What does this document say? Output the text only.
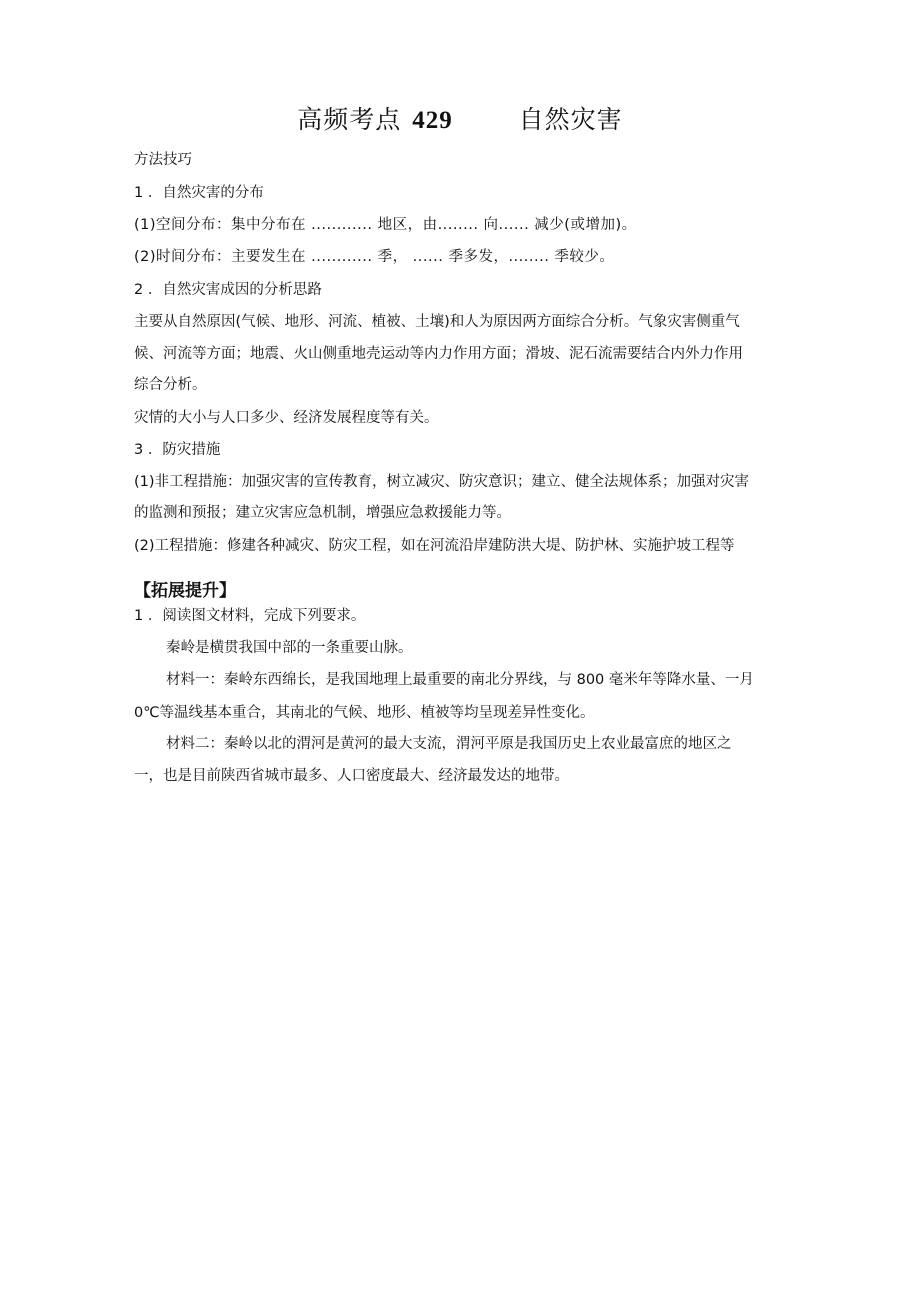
高频考点 429	自然灾害
方法技巧
1 ．自然灾害的分布
(1)空间分布：集中分布在 ............ 地区，由........ 向...... 减少(或增加)。
(2)时间分布：主要发生在 ............ 季， ...... 季多发，........ 季较少。
2 ．自然灾害成因的分析思路
主要从自然原因(气候、地形、河流、植被、土壤)和人为原因两方面综合分析。气象灾害侧重气
候、河流等方面；地震、火山侧重地壳运动等内力作用方面；滑坡、泥石流需要结合内外力作用
综合分析。
灾情的大小与人口多少、经济发展程度等有关。
3 ．防灾措施
(1)非工程措施：加强灾害的宣传教育，树立减灾、防灾意识；建立、健全法规体系；加强对灾害
的监测和预报；建立灾害应急机制，增强应急救援能力等。
(2)工程措施：修建各种减灾、防灾工程，如在河流沿岸建防洪大堤、防护林、实施护坡工程等
【拓展提升】
1 ．阅读图文材料，完成下列要求。
秦岭是横贯我国中部的一条重要山脉。
材料一：秦岭东西绵长，是我国地理上最重要的南北分界线，与 800 毫米年等降水量、一月
0℃等温线基本重合，其南北的气候、地形、植被等均呈现差异性变化。
材料二：秦岭以北的渭河是黄河的最大支流，渭河平原是我国历史上农业最富庶的地区之
一，也是目前陕西省城市最多、人口密度最大、经济最发达的地带。
